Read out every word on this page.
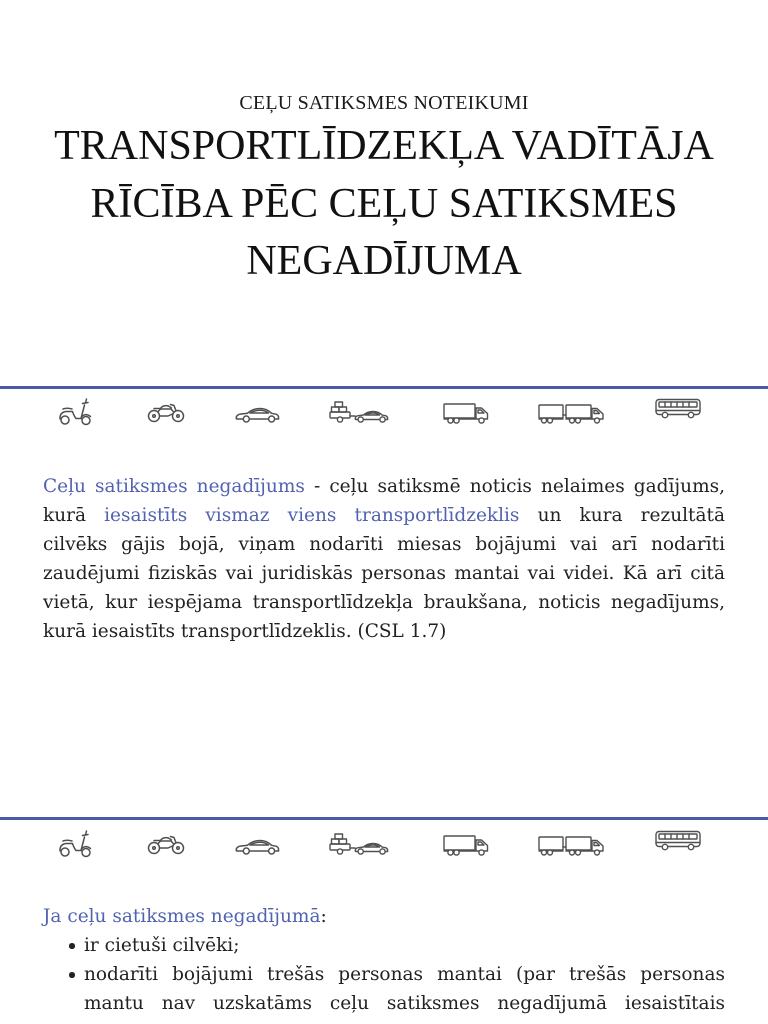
CEĻU SATIKSMES NOTEIKUMI
TRANSPORTLĪDZEKĻA VADĪTĀJA
RĪCĪBA PĒC CEĻU SATIKSMES
NEGADĪJUMA
Ceļu satiksmes negadījums - ceļu satiksmē noticis nelaimes gadījums,
kurā iesaistīts vismaz viens transportlīdzeklis un kura rezultātā
cilvēks gājis bojā, viņam nodarīti miesas bojājumi vai arī nodarīti
zaudējumi fiziskās vai juridiskās personas mantai vai videi. Kā arī citā
vietā, kur iespējama transportlīdzekļa braukšana, noticis negadījums,
kurā iesaistīts transportlīdzeklis. (CSL 1.7)
Ja ceļu satiksmes negadījumā:
ir cietuši cilvēki;
nodarīti bojājumi trešās personas mantai (par trešās personas
mantu nav uzskatāms ceļu satiksmes negadījumā iesaistītais
